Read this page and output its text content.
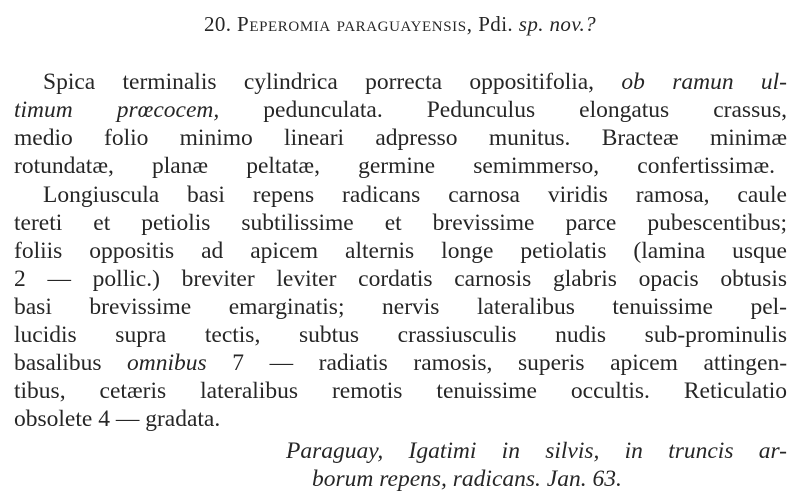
20. Peperomia paraguayensis, Pdi. sp. nov.?
Spica terminalis cylindrica porrecta oppositifolia, ob ramun ul-
timum prœcocem, pedunculata. Pedunculus elongatus crassus,
medio folio minimo lineari adpresso munitus. Bracteæ minimæ
rotundatæ, planæ peltatæ, germine semimmerso, confertissimæ.
Longiuscula basi repens radicans carnosa viridis ramosa, caule
tereti et petiolis subtilissime et brevissime parce pubescentibus;
foliis oppositis ad apicem alternis longe petiolatis (lamina usque
2 — pollic.) breviter leviter cordatis carnosis glabris opacis obtusis
basi brevissime emarginatis; nervis lateralibus tenuissime pel-
lucidis supra tectis, subtus crassiusculis nudis sub-prominulis
basalibus omnibus 7 — radiatis ramosis, superis apicem attingen-
tibus, cetæris lateralibus remotis tenuissime occultis. Reticulatio
obsolete 4 — gradata.
Paraguay, Igatimi in silvis, in truncis ar-
borum repens, radicans. Jan. 63.
